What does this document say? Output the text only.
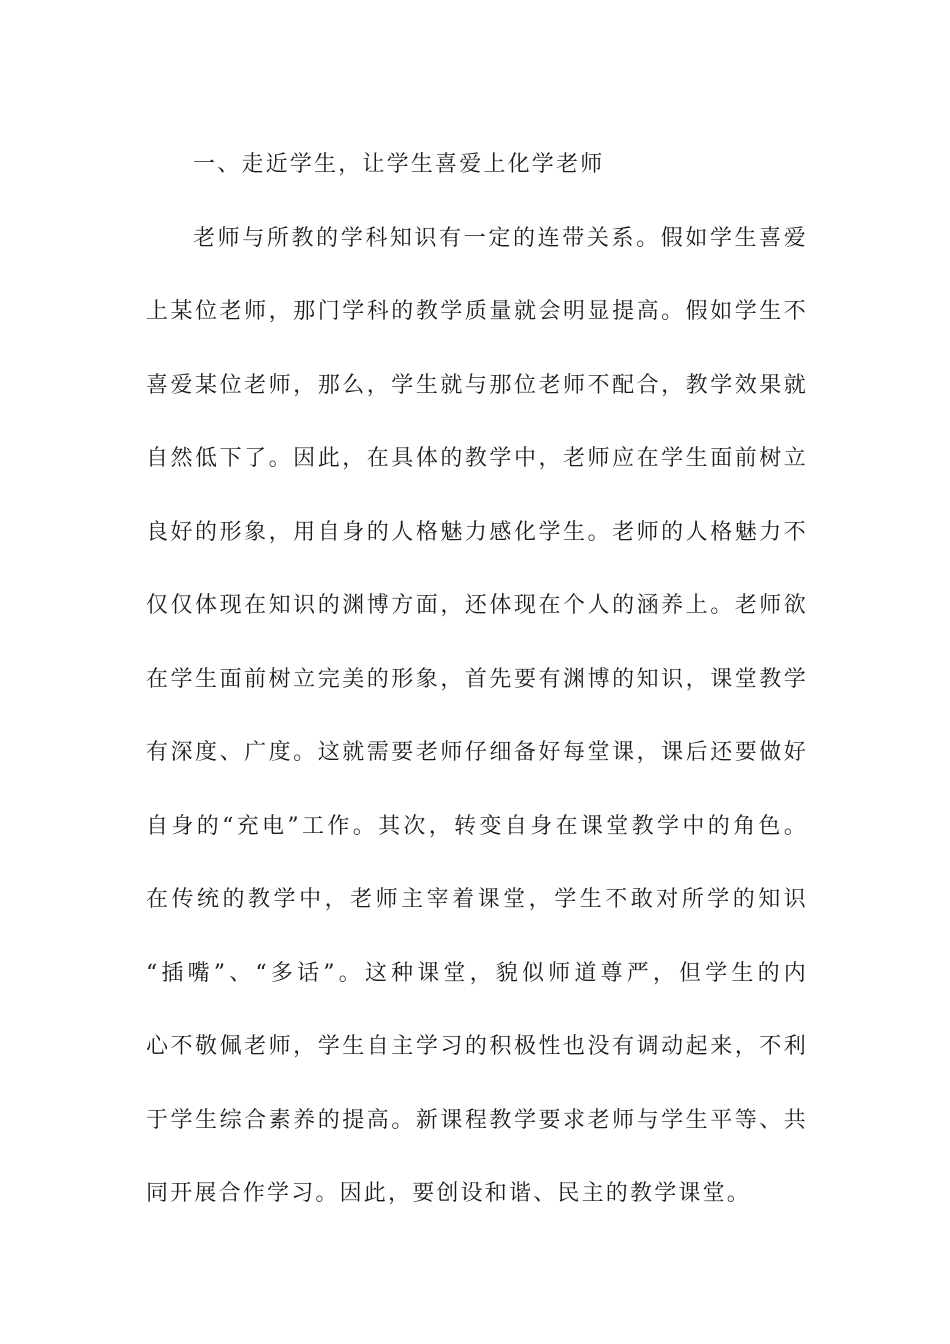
一、走近学生，让学生喜爱上化学老师
老师与所教的学科知识有一定的连带关系。假如学生喜爱
上某位老师，那门学科的教学质量就会明显提高。假如学生不
喜爱某位老师，那么，学生就与那位老师不配合，教学效果就
自然低下了。因此，在具体的教学中，老师应在学生面前树立
良好的形象，用自身的人格魅力感化学生。老师的人格魅力不
仅仅体现在知识的渊博方面，还体现在个人的涵养上。老师欲
在学生面前树立完美的形象，首先要有渊博的知识，课堂教学
有深度、广度。这就需要老师仔细备好每堂课，课后还要做好
自身的“充电”工作。其次，转变自身在课堂教学中的角色。
在传统的教学中，老师主宰着课堂，学生不敢对所学的知识
“插嘴”、“多话”。这种课堂，貌似师道尊严，但学生的内
心不敬佩老师，学生自主学习的积极性也没有调动起来，不利
于学生综合素养的提高。新课程教学要求老师与学生平等、共
同开展合作学习。因此，要创设和谐、民主的教学课堂。
